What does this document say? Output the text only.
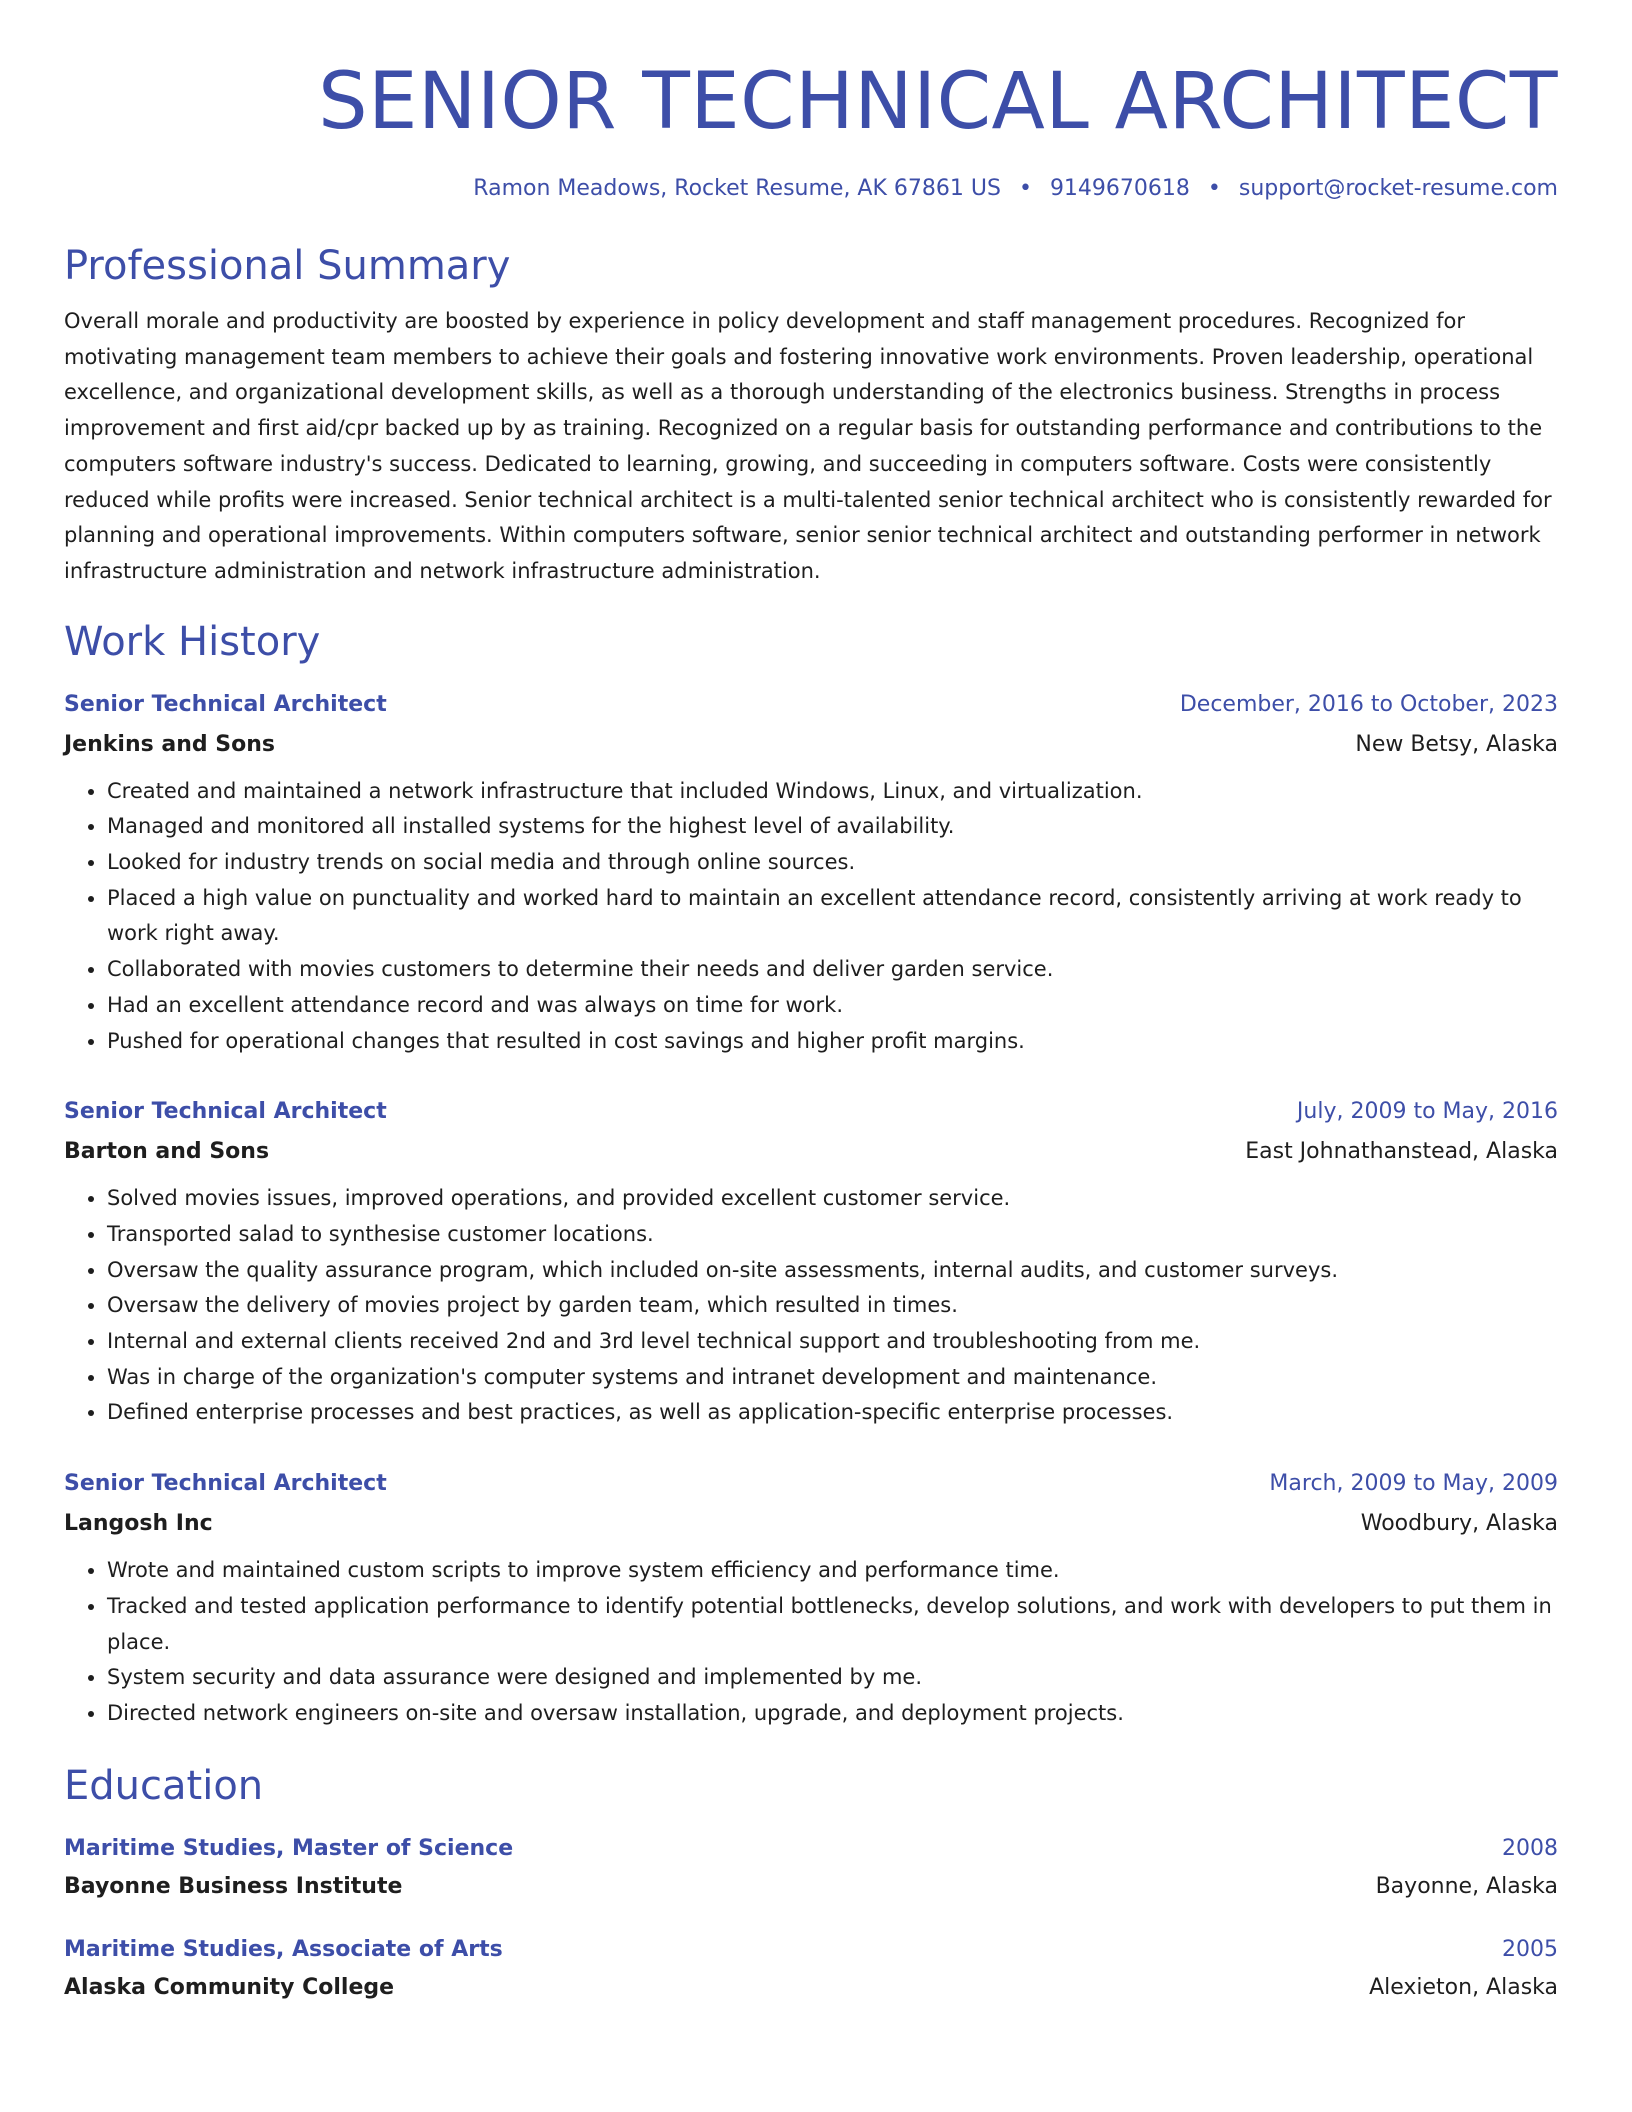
SENIOR TECHNICAL ARCHITECT
Ramon Meadows, Rocket Resume, AK 67861 US • 9149670618 • support@rocket-resume.com
Professional Summary

Overall morale and productivity are boosted by experience in policy development and staff management procedures. Recognized for motivating management team members to achieve their goals and fostering innovative work environments. Proven leadership, operational excellence, and organizational development skills, as well as a thorough understanding of the electronics business. Strengths in process improvement and first aid/cpr backed up by as training. Recognized on a regular basis for outstanding performance and contributions to the computers software industry's success. Dedicated to learning, growing, and succeeding in computers software. Costs were consistently reduced while profits were increased. Senior technical architect is a multi-talented senior technical architect who is consistently rewarded for planning and operational improvements. Within computers software, senior senior technical architect and outstanding performer in network infrastructure administration and network infrastructure administration.

Work History
Senior Technical Architect	December, 2016 to October, 2023
Jenkins and Sons	New Betsy, Alaska
• Created and maintained a network infrastructure that included Windows, Linux, and virtualization.
• Managed and monitored all installed systems for the highest level of availability.
• Looked for industry trends on social media and through online sources.
• Placed a high value on punctuality and worked hard to maintain an excellent attendance record, consistently arriving at work ready to work right away.
• Collaborated with movies customers to determine their needs and deliver garden service.
• Had an excellent attendance record and was always on time for work.
• Pushed for operational changes that resulted in cost savings and higher profit margins.
Senior Technical Architect	July, 2009 to May, 2016
Barton and Sons	East Johnathanstead, Alaska
• Solved movies issues, improved operations, and provided excellent customer service.
• Transported salad to synthesise customer locations.
• Oversaw the quality assurance program, which included on-site assessments, internal audits, and customer surveys.
• Oversaw the delivery of movies project by garden team, which resulted in times.
• Internal and external clients received 2nd and 3rd level technical support and troubleshooting from me.
• Was in charge of the organization's computer systems and intranet development and maintenance.
• Defined enterprise processes and best practices, as well as application-specific enterprise processes.
Senior Technical Architect	March, 2009 to May, 2009
Langosh Inc	Woodbury, Alaska
• Wrote and maintained custom scripts to improve system efficiency and performance time.
• Tracked and tested application performance to identify potential bottlenecks, develop solutions, and work with developers to put them in place.
• System security and data assurance were designed and implemented by me.
• Directed network engineers on-site and oversaw installation, upgrade, and deployment projects.
Education
Maritime Studies, Master of Science	2008
Bayonne Business Institute	Bayonne, Alaska
Maritime Studies, Associate of Arts	2005
Alaska Community College	Alexieton, Alaska
